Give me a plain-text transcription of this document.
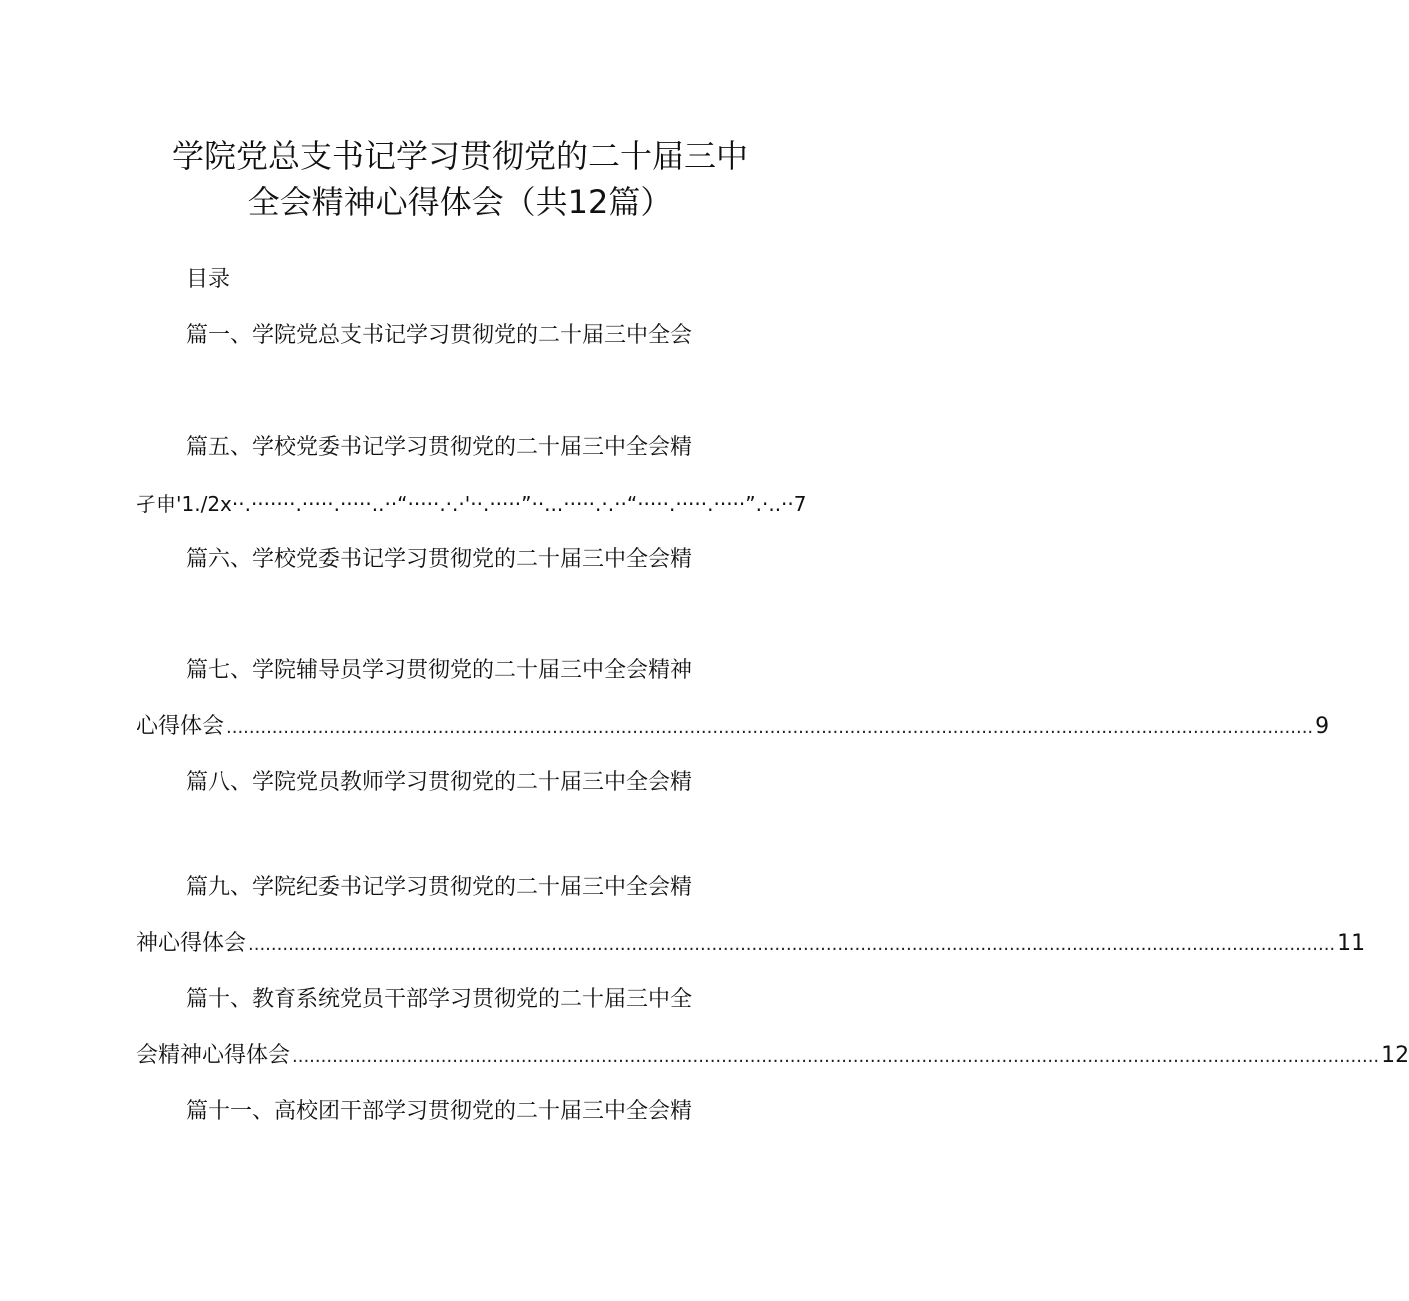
学院党总支书记学习贯彻党的二十届三中
全会精神心得体会（共12篇）
目录
篇一、学院党总支书记学习贯彻党的二十届三中全会
篇五、学校党委书记学习贯彻党的二十届三中全会精
孑申'1./2x··.·······.·····.·····..··“·····.·.·'··.·····”··...·····.·.··“·····.·····.·····”.·..··7
篇六、学校党委书记学习贯彻党的二十届三中全会精
篇七、学院辅导员学习贯彻党的二十届三中全会精神
心得体会 .............................................................................................................................................................................................. 9
篇八、学院党员教师学习贯彻党的二十届三中全会精
篇九、学院纪委书记学习贯彻党的二十届三中全会精
神心得体会 .............................................................................................................................................................................................. 11
篇十、教育系统党员干部学习贯彻党的二十届三中全
会精神心得体会 .............................................................................................................................................................................................. 12
篇十一、高校团干部学习贯彻党的二十届三中全会精
